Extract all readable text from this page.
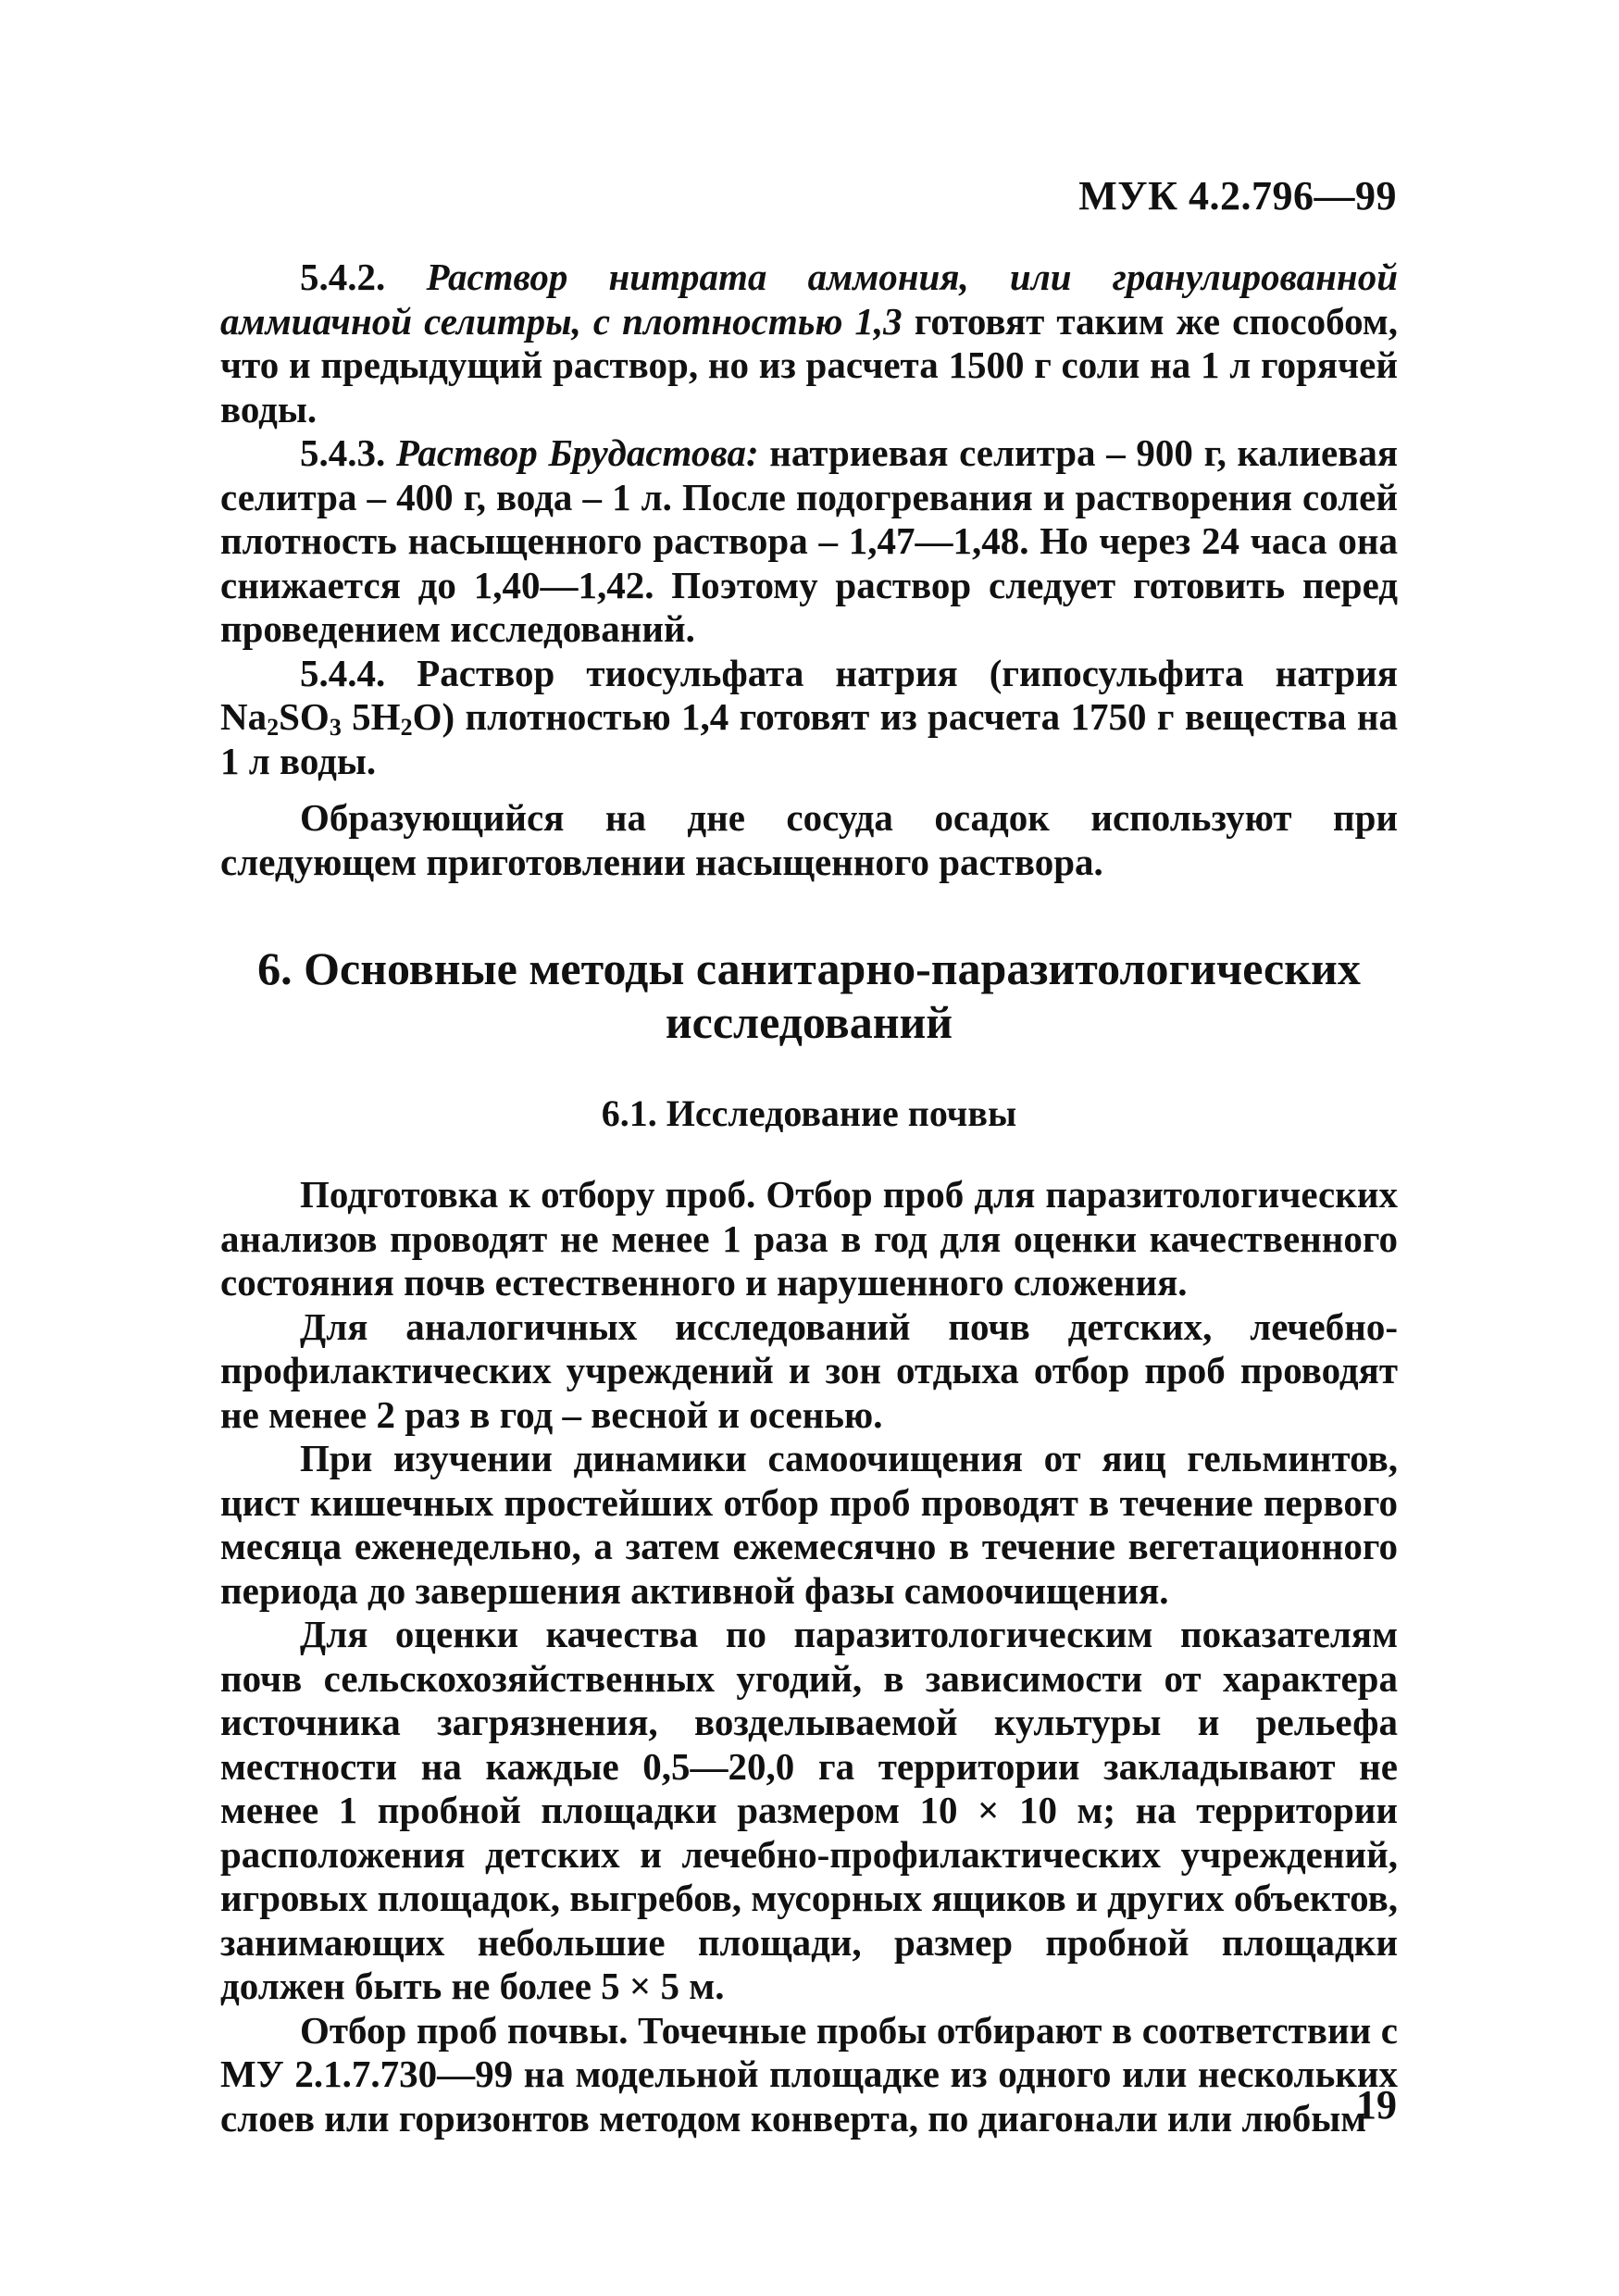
МУК 4.2.796—99

5.4.2. Раствор нитрата аммония, или гранулированной аммиачной селитры, с плотностью 1,3 готовят таким же способом, что и предыдущий раствор, но из расчета 1500 г соли на 1 л горячей воды.

5.4.3. Раствор Брудастова: натриевая селитра – 900 г, калиевая селитра – 400 г, вода – 1 л. После подогревания и растворения солей плотность насыщенного раствора – 1,47—1,48. Но через 24 часа она снижается до 1,40—1,42. Поэтому раствор следует готовить перед проведением исследований.

5.4.4. Раствор тиосульфата натрия (гипосульфита натрия $Na_2SO_3$ $5H_2O$) плотностью 1,4 готовят из расчета 1750 г вещества на 1 л воды.

Образующийся на дне сосуда осадок используют при следующем приготовлении насыщенного раствора.

6. Основные методы санитарно-паразитологических
исследований
6.1. Исследование почвы

Подготовка к отбору проб. Отбор проб для паразитологических анализов проводят не менее 1 раза в год для оценки качественного состояния почв естественного и нарушенного сложения.

Для аналогичных исследований почв детских, лечебно-профилактических учреждений и зон отдыха отбор проб проводят не менее 2 раз в год – весной и осенью.

При изучении динамики самоочищения от яиц гельминтов, цист кишечных простейших отбор проб проводят в течение первого месяца еженедельно, а затем ежемесячно в течение вегетационного периода до завершения активной фазы самоочищения.

Для оценки качества по паразитологическим показателям почв сельскохозяйственных угодий, в зависимости от характера источника загрязнения, возделываемой культуры и рельефа местности на каждые 0,5—20,0 га территории закладывают не менее 1 пробной площадки размером 10 × 10 м; на территории расположения детских и лечебно-профилактических учреждений, игровых площадок, выгребов, мусорных ящиков и других объектов, занимающих небольшие площади, размер пробной площадки должен быть не более 5 × 5 м.

Отбор проб почвы. Точечные пробы отбирают в соответствии с МУ 2.1.7.730—99 на модельной площадке из одного или нескольких слоев или горизонтов методом конверта, по диагонали или любым

19
